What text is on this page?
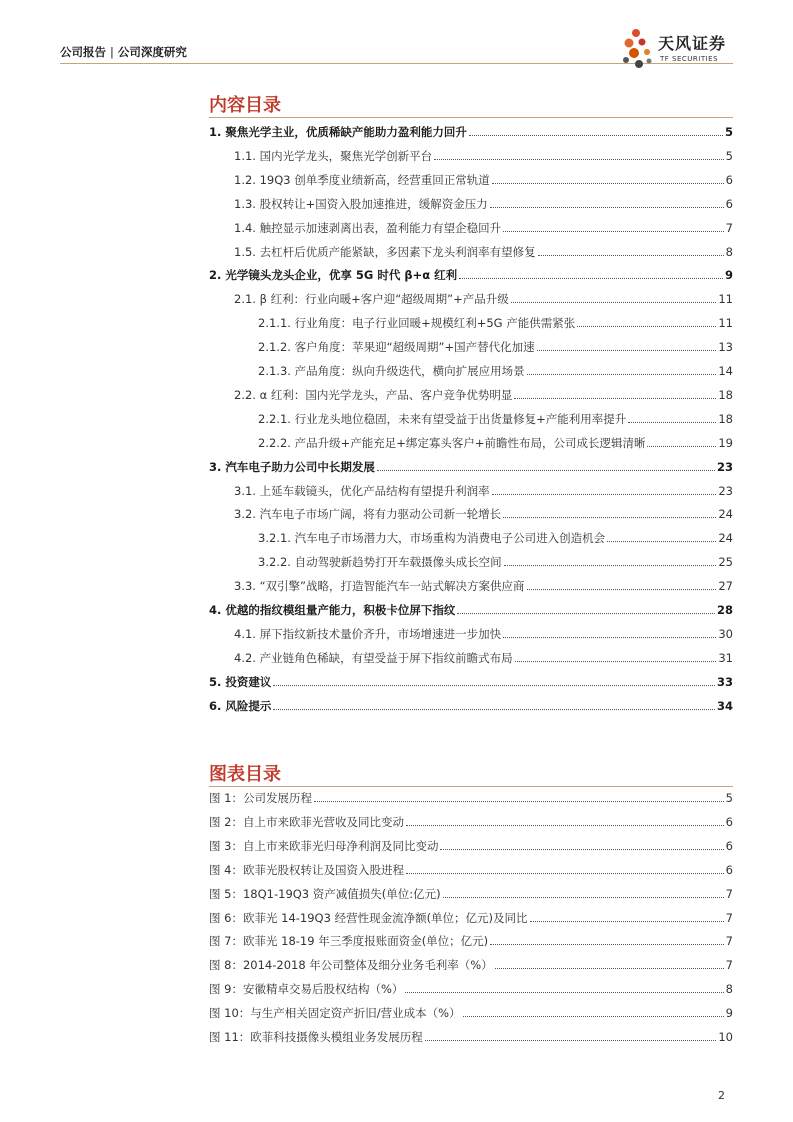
公司报告 | 公司深度研究	天风证券
TF SECURITIES
内容目录
1. 聚焦光学主业，优质稀缺产能助力盈利能力回升	5
1.1. 国内光学龙头，聚焦光学创新平台	5
1.2. 19Q3 创单季度业绩新高，经营重回正常轨道	6
1.3. 股权转让+国资入股加速推进，缓解资金压力	6
1.4. 触控显示加速剥离出表，盈利能力有望企稳回升	7
1.5. 去杠杆后优质产能紧缺，多因素下龙头利润率有望修复	8
2. 光学镜头龙头企业，优享 5G 时代 β+α 红利	9
2.1. β 红利：行业向暖+客户迎“超级周期”+产品升级	11
2.1.1. 行业角度：电子行业回暖+规模红利+5G 产能供需紧张	11
2.1.2. 客户角度：苹果迎“超级周期”+国产替代化加速	13
2.1.3. 产品角度：纵向升级迭代，横向扩展应用场景	14
2.2. α 红利：国内光学龙头，产品、客户竞争优势明显	18
2.2.1. 行业龙头地位稳固，未来有望受益于出货量修复+产能利用率提升	18
2.2.2. 产品升级+产能充足+绑定寡头客户+前瞻性布局，公司成长逻辑清晰	19
3. 汽车电子助力公司中长期发展	23
3.1. 上延车载镜头，优化产品结构有望提升利润率	23
3.2. 汽车电子市场广阔，将有力驱动公司新一轮增长	24
3.2.1. 汽车电子市场潜力大，市场重构为消费电子公司进入创造机会	24
3.2.2. 自动驾驶新趋势打开车载摄像头成长空间	25
3.3. “双引擎”战略，打造智能汽车一站式解决方案供应商	27
4. 优越的指纹模组量产能力，积极卡位屏下指纹	28
4.1. 屏下指纹新技术量价齐升，市场增速进一步加快	30
4.2. 产业链角色稀缺，有望受益于屏下指纹前瞻式布局	31
5. 投资建议	33
6. 风险提示	34
图表目录
图 1：公司发展历程	5
图 2：自上市来欧菲光营收及同比变动	6
图 3：自上市来欧菲光归母净利润及同比变动	6
图 4：欧菲光股权转让及国资入股进程	6
图 5：18Q1-19Q3 资产减值损失(单位:亿元)	7
图 6：欧菲光 14-19Q3 经营性现金流净额(单位；亿元)及同比	7
图 7：欧菲光 18-19 年三季度报账面资金(单位；亿元)	7
图 8：2014-2018 年公司整体及细分业务毛利率（%）	7
图 9：安徽精卓交易后股权结构（%）	8
图 10：与生产相关固定资产折旧/营业成本（%）	9
图 11：欧菲科技摄像头模组业务发展历程	10
2
